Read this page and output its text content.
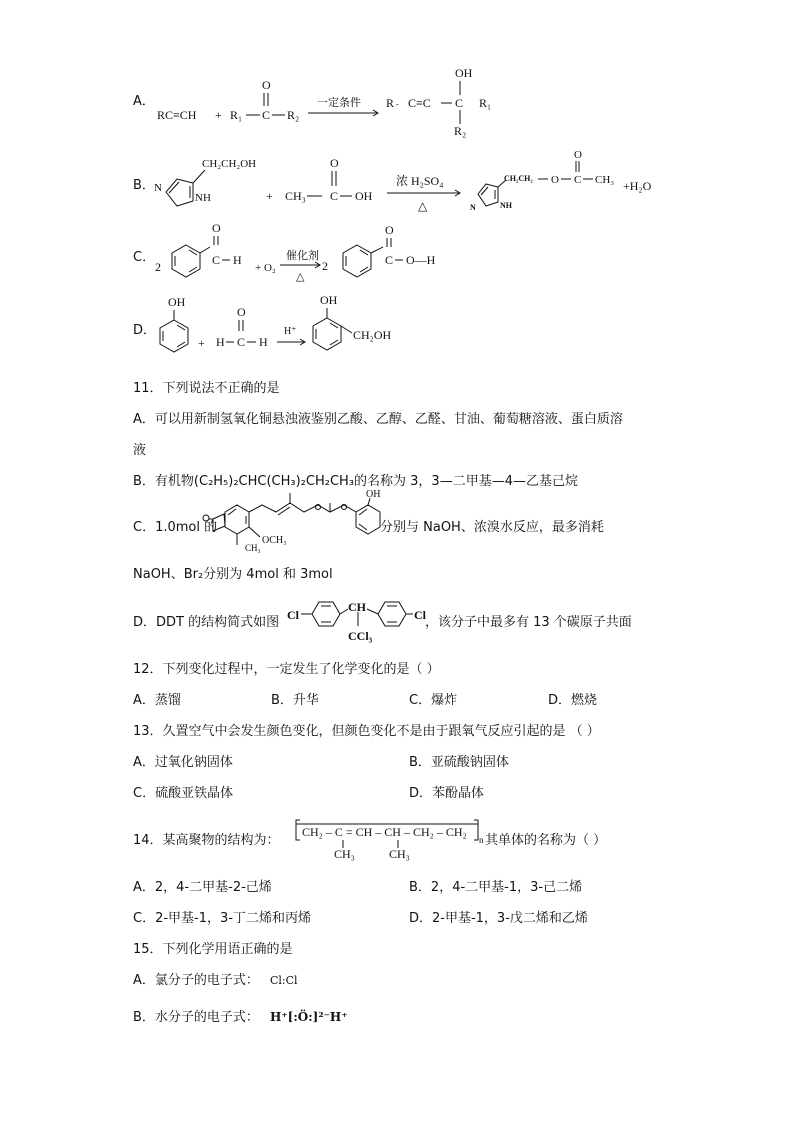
A．
RC≡CH + R₁
O
C R₂
一定条件 R - C≡C
OH
C R₁
R₂
B．
CH₂CH₂OH
N
NH	+ CH₃
O
C OH
浓 H₂SO₄
△
CH₂CH₂ O C
O
CH₃
N	NH
+H₂O
C．
2
O
C H
+ O₂
催化剂
△
2
O
C O—H
D．
OH
+ H
O
C H
H⁺
OH
CH₂OH
11．下列说法不正确的是
A．可以用新制氢氧化铜悬浊液鉴别乙酸、乙醇、乙醛、甘油、葡萄糖溶液、蛋白质溶
液
B．有机物(C₂H₅)₂CHC(CH₃)₂CH₂CH₃的名称为 3，3—二甲基—4—乙基己烷
C．1.0mol 的
CH₃
OCH₃
OH
分别与 NaOH、浓溴水反应，最多消耗
NaOH、Br₂分别为 4mol 和 3mol
D．DDT 的结构简式如图 Cl
CH
CCl₃
Cl ，该分子中最多有 13 个碳原子共面
12．下列变化过程中，一定发生了化学变化的是（ ）
A．蒸馏	B．升华	C．爆炸	D．燃烧
13．久置空气中会发生颜色变化，但颜色变化不是由于跟氧气反应引起的是 （ ）
A．过氧化钠固体	B．亚硫酸钠固体
C．硫酸亚铁晶体	D．苯酚晶体
14．某高聚物的结构为：
CH₂ – C = CH – CH – CH₂ – CH₂
CH₃	CH₃
n 其单体的名称为（ ）
A．2，4-二甲基-2-己烯	B．2，4-二甲基-1，3-己二烯
C．2-甲基-1，3-丁二烯和丙烯	D．2-甲基-1，3-戊二烯和乙烯
15．下列化学用语正确的是
A．氯分子的电子式： Cl:Cl
B．水分子的电子式： H⁺[:Ö:]²⁻H⁺
